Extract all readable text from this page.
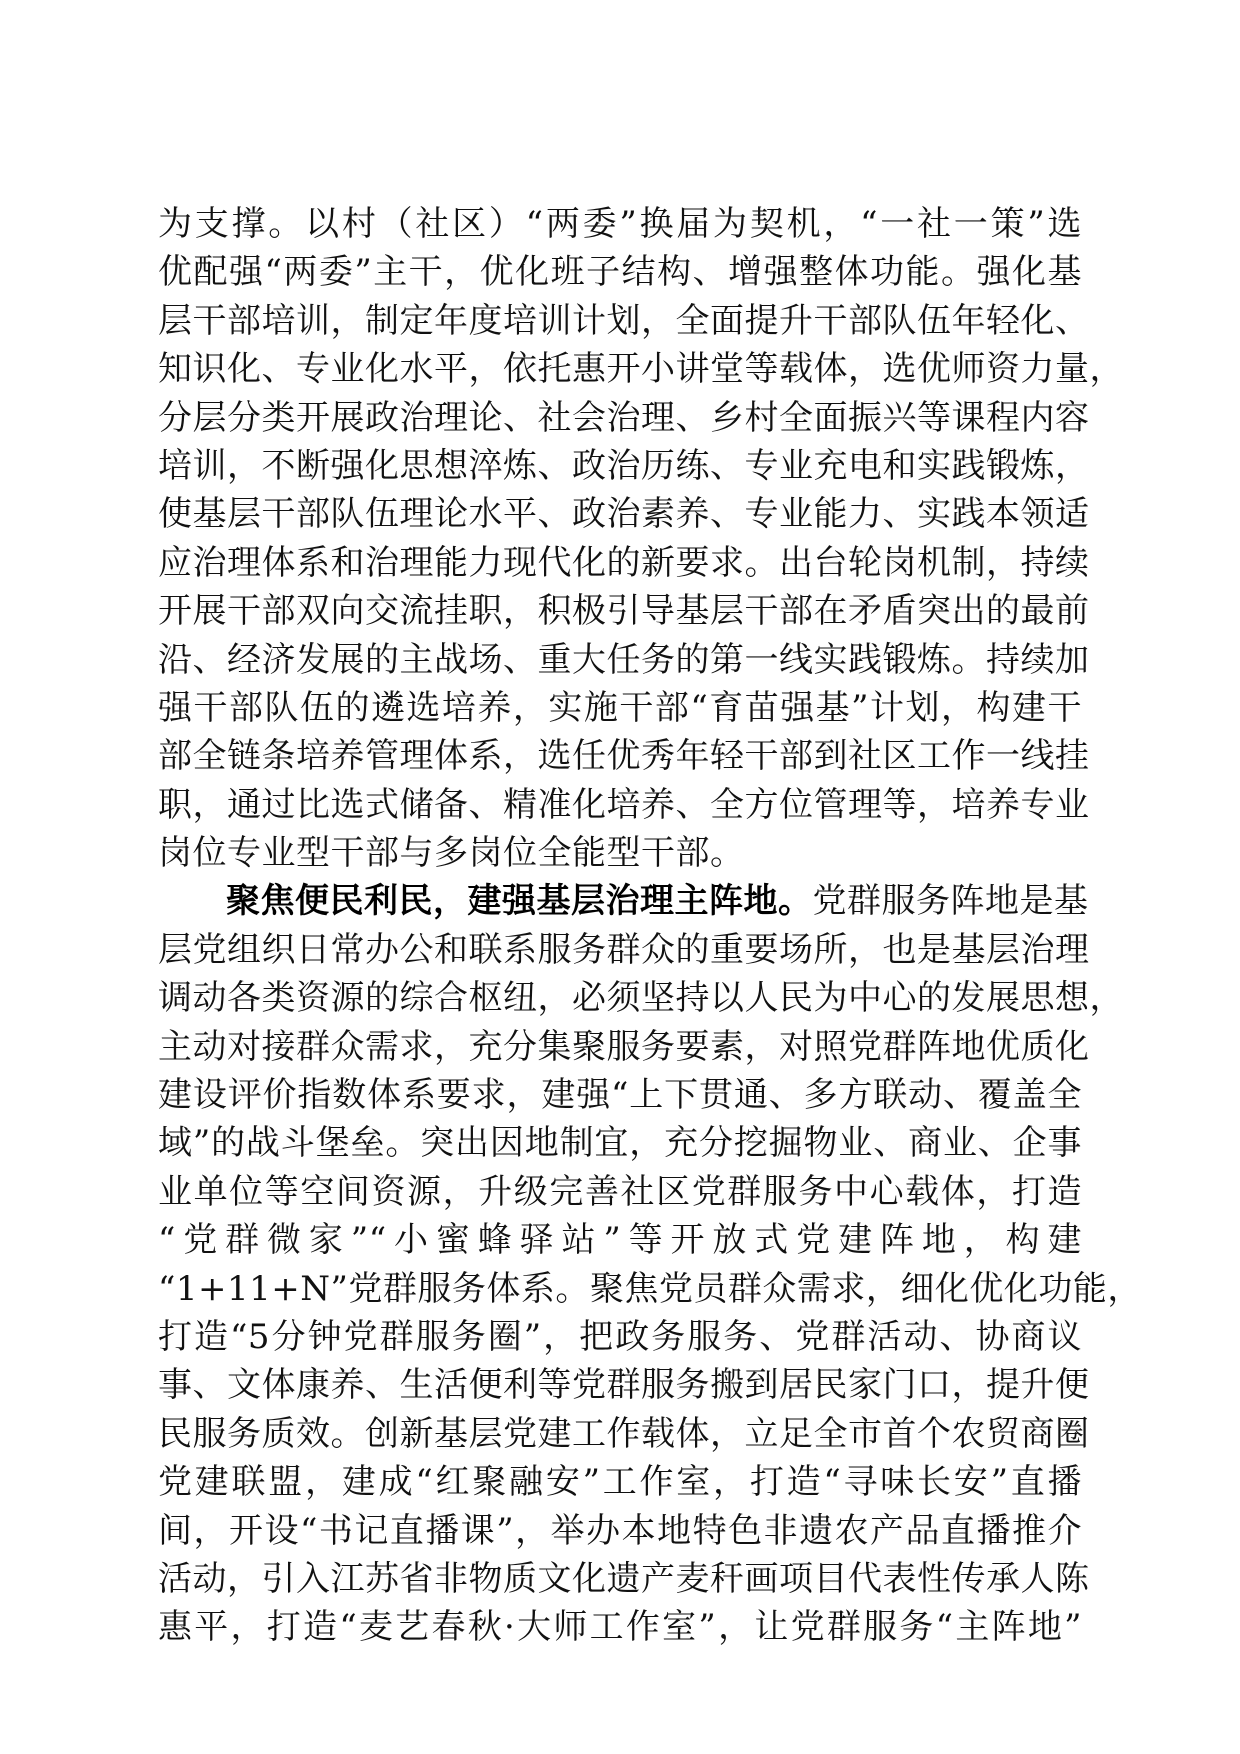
为支撑。以村（社区）“两委”换届为契机，“一社一策”选
优配强“两委”主干，优化班子结构、增强整体功能。强化基
层干部培训，制定年度培训计划，全面提升干部队伍年轻化、
知识化、专业化水平，依托惠开小讲堂等载体，选优师资力量，
分层分类开展政治理论、社会治理、乡村全面振兴等课程内容
培训，不断强化思想淬炼、政治历练、专业充电和实践锻炼，
使基层干部队伍理论水平、政治素养、专业能力、实践本领适
应治理体系和治理能力现代化的新要求。出台轮岗机制，持续
开展干部双向交流挂职，积极引导基层干部在矛盾突出的最前
沿、经济发展的主战场、重大任务的第一线实践锻炼。持续加
强干部队伍的遴选培养，实施干部“育苗强基”计划，构建干
部全链条培养管理体系，选任优秀年轻干部到社区工作一线挂
职，通过比选式储备、精准化培养、全方位管理等，培养专业
岗位专业型干部与多岗位全能型干部。
聚焦便民利民，建强基层治理主阵地。党群服务阵地是基
层党组织日常办公和联系服务群众的重要场所，也是基层治理
调动各类资源的综合枢纽，必须坚持以人民为中心的发展思想，
主动对接群众需求，充分集聚服务要素，对照党群阵地优质化
建设评价指数体系要求，建强“上下贯通、多方联动、覆盖全
域”的战斗堡垒。突出因地制宜，充分挖掘物业、商业、企事
业单位等空间资源，升级完善社区党群服务中心载体，打造
“党群微家”“小蜜蜂驿站”等开放式党建阵地，构建
“1+11+N”党群服务体系。聚焦党员群众需求，细化优化功能，
打造“5分钟党群服务圈”，把政务服务、党群活动、协商议
事、文体康养、生活便利等党群服务搬到居民家门口，提升便
民服务质效。创新基层党建工作载体，立足全市首个农贸商圈
党建联盟，建成“红聚融安”工作室，打造“寻味长安”直播
间，开设“书记直播课”，举办本地特色非遗农产品直播推介
活动，引入江苏省非物质文化遗产麦秆画项目代表性传承人陈
惠平，打造“麦艺春秋·大师工作室”，让党群服务“主阵地”
